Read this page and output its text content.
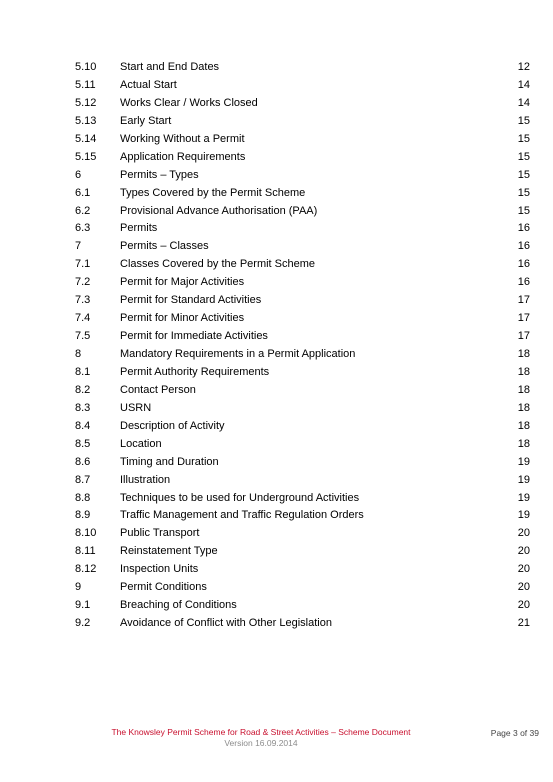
5.10	Start and End Dates	12
5.11	Actual Start	14
5.12	Works Clear / Works Closed	14
5.13	Early Start	15
5.14	Working Without a Permit	15
5.15	Application Requirements	15
6	Permits – Types	15
6.1	Types Covered by the Permit Scheme	15
6.2	Provisional Advance Authorisation (PAA)	15
6.3	Permits	16
7	Permits – Classes	16
7.1	Classes Covered by the Permit Scheme	16
7.2	Permit for Major Activities	16
7.3	Permit for Standard Activities	17
7.4	Permit for Minor Activities	17
7.5	Permit for Immediate Activities	17
8	Mandatory Requirements in a Permit Application	18
8.1	Permit Authority Requirements	18
8.2	Contact Person	18
8.3	USRN	18
8.4	Description of Activity	18
8.5	Location	18
8.6	Timing and Duration	19
8.7	Illustration	19
8.8	Techniques to be used for Underground Activities	19
8.9	Traffic Management and Traffic Regulation Orders	19
8.10	Public Transport	20
8.11	Reinstatement Type	20
8.12	Inspection Units	20
9	Permit Conditions	20
9.1	Breaching of Conditions	20
9.2	Avoidance of Conflict with Other Legislation	21
The Knowsley Permit Scheme for Road & Street Activities – Scheme Document
Version 16.09.2014
Page 3 of 39
